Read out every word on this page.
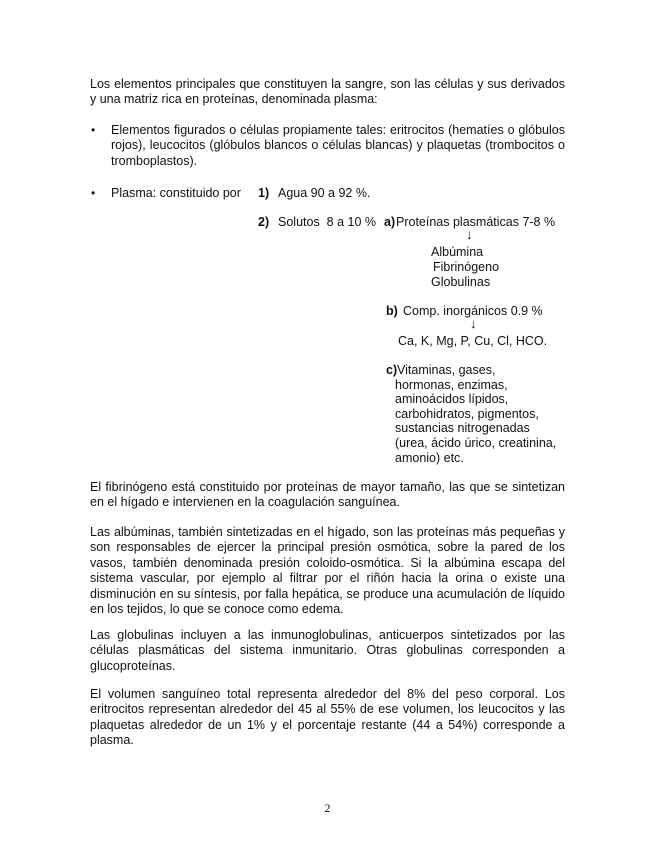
Los elementos principales que constituyen la sangre, son las células y sus derivados y una matriz rica en proteínas, denominada plasma:
• Elementos figurados o células propiamente tales: eritrocitos (hematíes o glóbulos rojos), leucocitos (glóbulos blancos o células blancas) y plaquetas (trombocitos o tromboplastos).
• Plasma: constituido por 1) Agua 90 a 92 %.
2) Solutos  8 a 10 % a) Proteínas plasmáticas 7-8 %
↓
Albúmina
Fibrinógeno
Globulinas
b) Comp. inorgánicos 0.9 %
↓
Ca, K, Mg, P, Cu, Cl, HCO.
c) Vitaminas, gases,
hormonas, enzimas,
aminoácidos lípidos,
carbohidratos, pigmentos,
sustancias nitrogenadas
(urea, ácido úrico, creatinina,
amonio) etc.
El fibrinógeno está constituido por proteínas de mayor tamaño, las que se sintetizan en el hígado e intervienen en la coagulación sanguínea.
Las albúminas, también sintetizadas en el hígado, son las proteínas más pequeñas y son responsables de ejercer la principal presión osmótica, sobre la pared de los vasos, también denominada presión coloido-osmótica. Si la albúmina escapa del sistema vascular, por ejemplo al filtrar por el riñón hacia la orina o existe una disminución en su síntesis, por falla hepática, se produce una acumulación de líquido en los tejidos, lo que se conoce como edema.
Las globulinas incluyen a las inmunoglobulinas, anticuerpos sintetizados por las células plasmáticas del sistema inmunitario. Otras globulinas corresponden a glucoproteínas.
El volumen sanguíneo total representa alrededor del 8% del peso corporal. Los eritrocitos representan alrededor del 45 al 55% de ese volumen, los leucocitos y las plaquetas alrededor de un 1% y el porcentaje restante (44 a 54%) corresponde a plasma.
2
